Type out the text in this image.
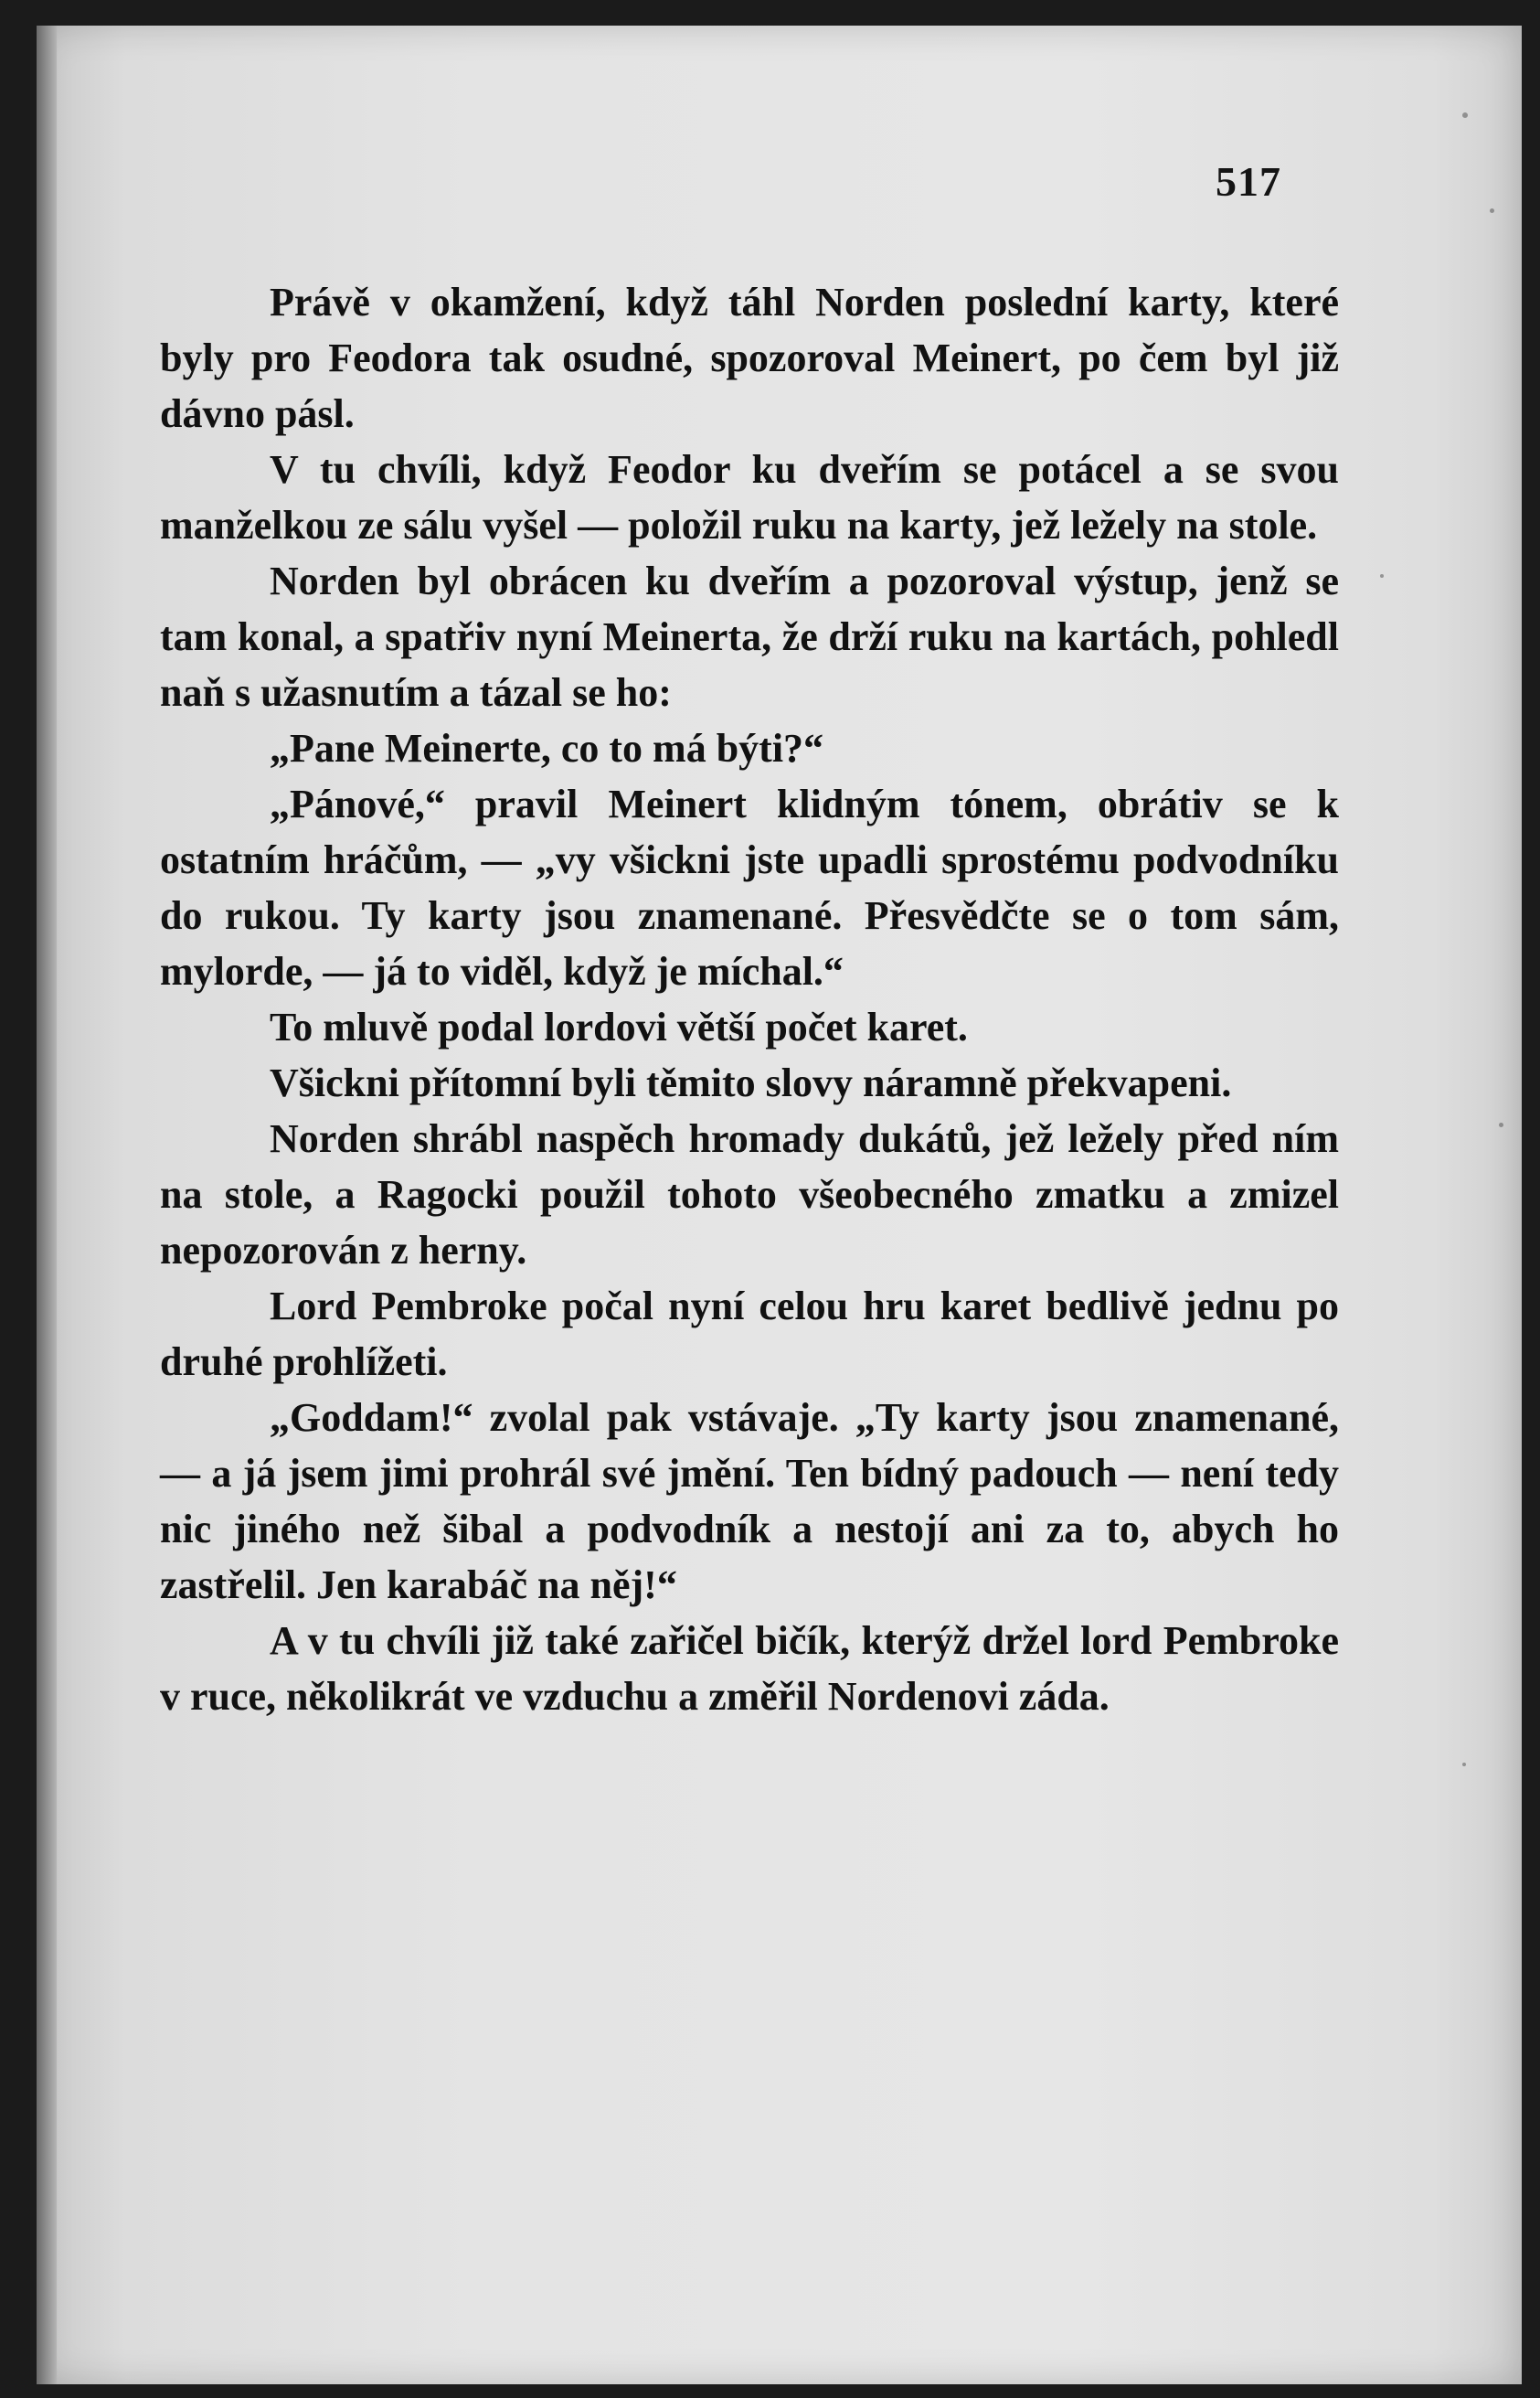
517

Právě v okamžení, když táhl Norden poslední karty, které byly pro Feodora tak osudné, spozoroval Meinert, po čem byl již dávno pásl.

V tu chvíli, když Feodor ku dveřím se potácel a se svou manželkou ze sálu vyšel — položil ruku na karty, jež ležely na stole.

Norden byl obrácen ku dveřím a pozoroval výstup, jenž se tam konal, a spatřiv nyní Meinerta, že drží ruku na kartách, pohledl naň s užasnutím a tázal se ho:

„Pane Meinerte, co to má býti?“

„Pánové,“ pravil Meinert klidným tónem, obrátiv se k ostatním hráčům, — „vy všickni jste upadli sprostému podvodníku do rukou. Ty karty jsou znamenané. Přesvědčte se o tom sám, mylorde, — já to viděl, když je míchal.“

To mluvě podal lordovi větší počet karet.

Všickni přítomní byli těmito slovy náramně překvapeni.

Norden shrábl naspěch hromady dukátů, jež ležely před ním na stole, a Ragocki použil tohoto všeobecného zmatku a zmizel nepozorován z herny.

Lord Pembroke počal nyní celou hru karet bedlivě jednu po druhé prohlížeti.

„Goddam!“ zvolal pak vstávaje. „Ty karty jsou znamenané, — a já jsem jimi prohrál své jmění. Ten bídný padouch — není tedy nic jiného než šibal a podvodník a nestojí ani za to, abych ho zastřelil. Jen karabáč na něj!“

A v tu chvíli již také zařičel bičík, kterýž držel lord Pembroke v ruce, několikrát ve vzduchu a změřil Nordenovi záda.
